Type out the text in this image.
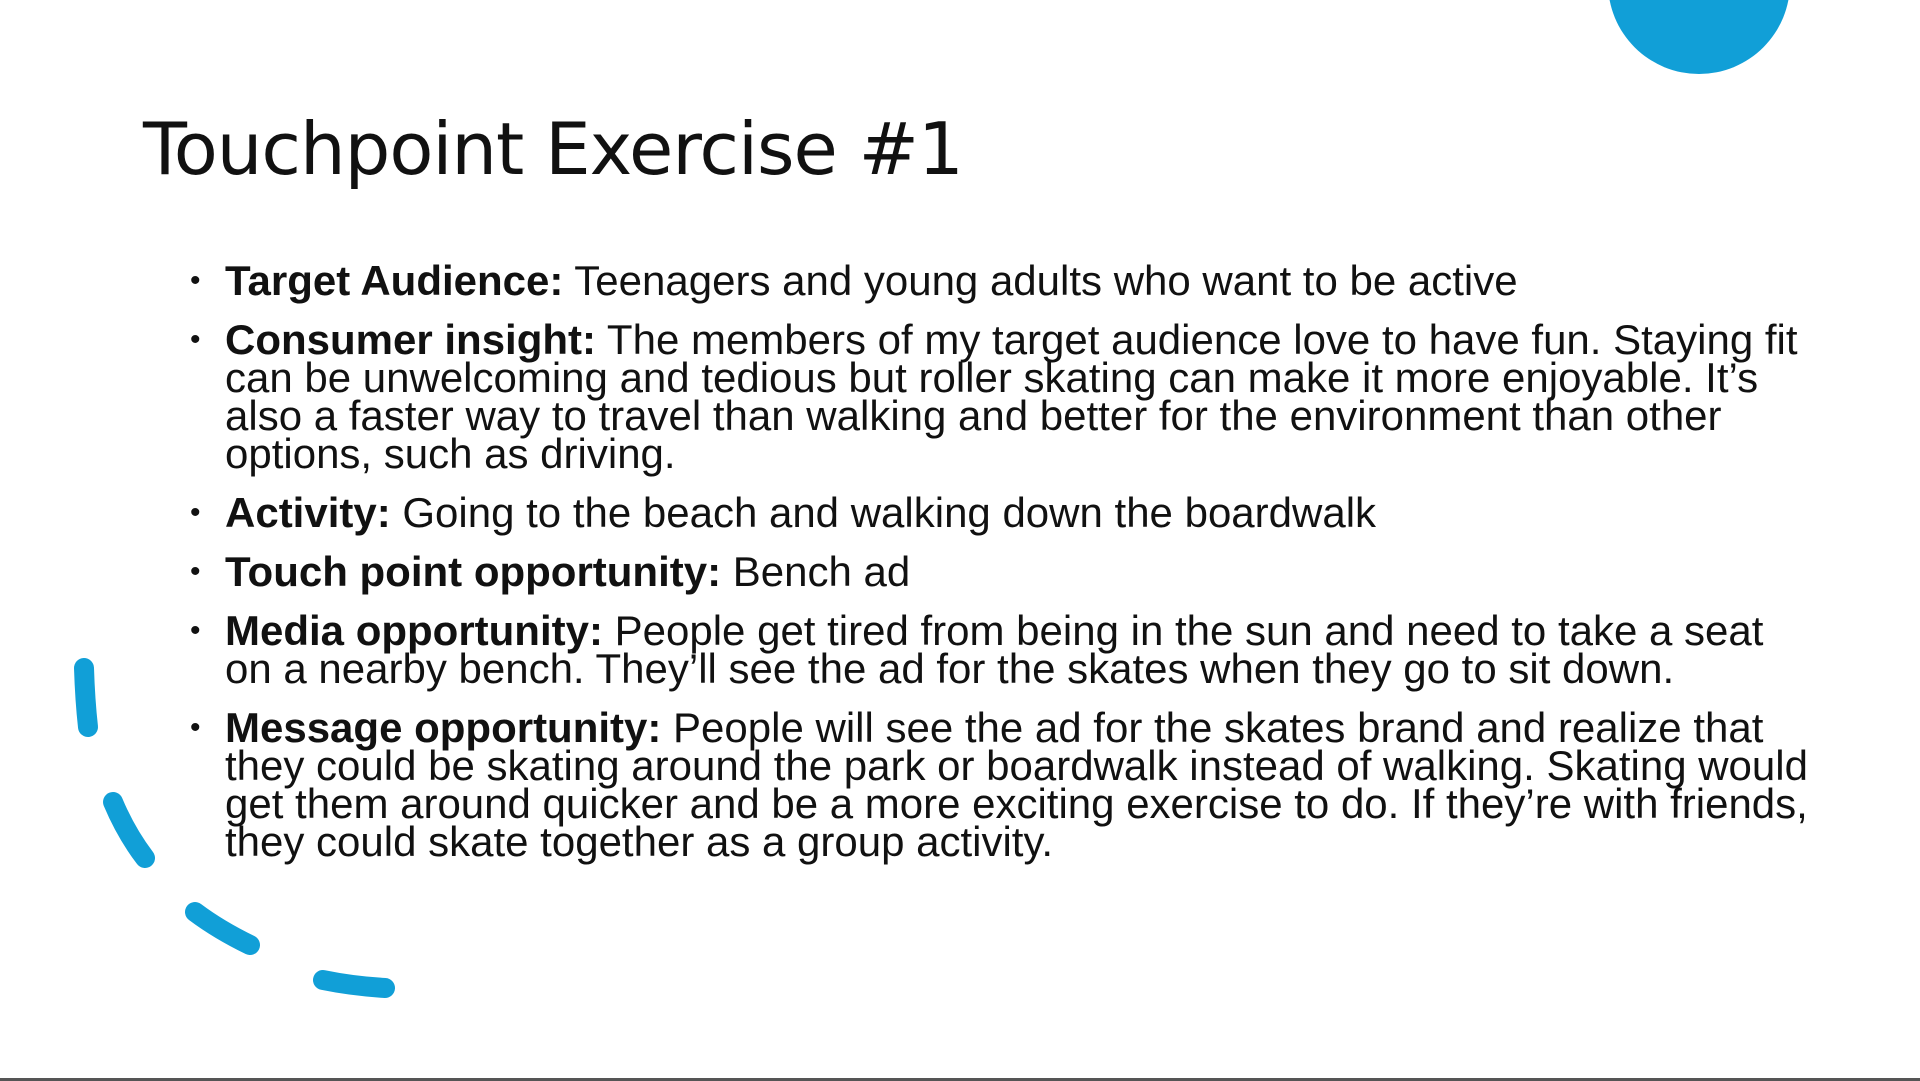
Touchpoint Exercise #1
• Target Audience: Teenagers and young adults who want to be active
• Consumer insight: The members of my target audience love to have fun. Staying fit can be unwelcoming and tedious but roller skating can make it more enjoyable. It’s also a faster way to travel than walking and better for the environment than other options, such as driving.
• Activity: Going to the beach and walking down the boardwalk
• Touch point opportunity: Bench ad
• Media opportunity: People get tired from being in the sun and need to take a seat on a nearby bench. They’ll see the ad for the skates when they go to sit down.
• Message opportunity: People will see the ad for the skates brand and realize that they could be skating around the park or boardwalk instead of walking. Skating would get them around quicker and be a more exciting exercise to do. If they’re with friends, they could skate together as a group activity.
